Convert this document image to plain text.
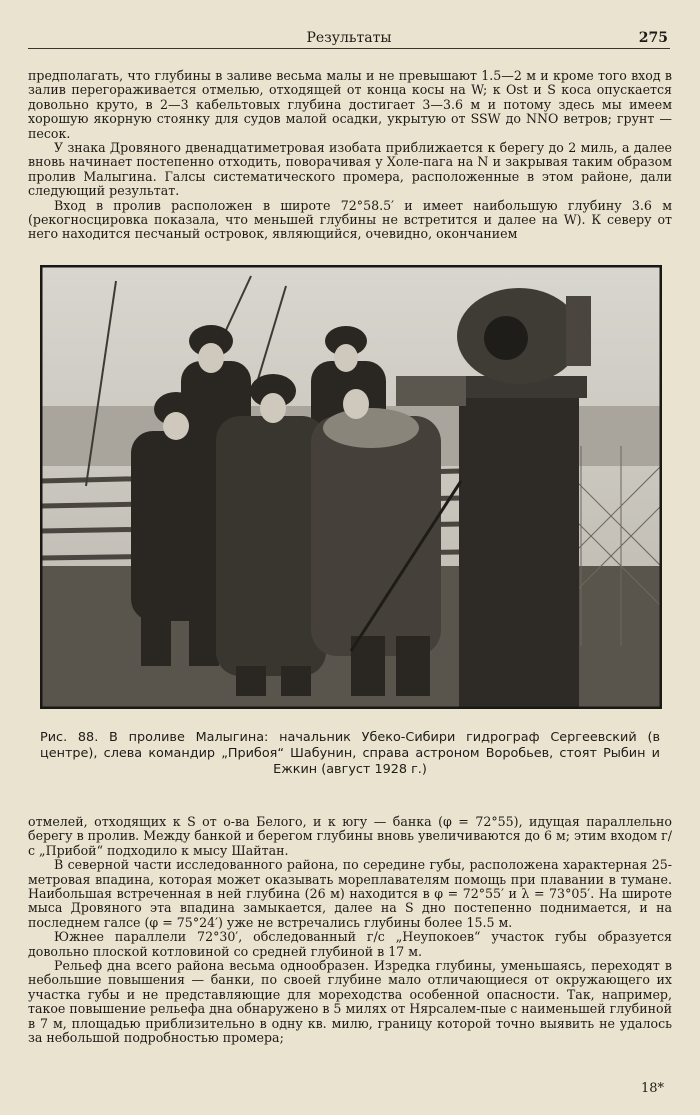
Результаты	275

предполагать, что глубины в заливе весьма малы и не превышают 1.5—2 м и кроме того вход в залив перегораживается отмелью, отходящей от конца косы на W; к Ost и S коса опускается довольно круто, в 2—3 кабельтовых глубина достигает 3—3.6 м и потому здесь мы имеем хорошую якорную стоянку для судов малой осадки, укрытую от SSW до NNO ветров; грунт — песок.

У знака Дровяного двенадцатиметровая изобата приближается к берегу до 2 миль, а далее вновь начинает постепенно отходить, поворачивая у Холе-пага на N и закрывая таким образом пролив Малыгина. Галсы систематического промера, расположенные в этом районе, дали следующий результат.

Вход в пролив расположен в широте 72°58.5′ и имеет наибольшую глубину 3.6 м (рекогносцировка показала, что меньшей глубины не встретится и далее на W). К северу от него находится песчаный островок, являющийся, очевидно, окончанием

Рис. 88. В проливе Малыгина: начальник Убеко-Сибири гидрограф Сергеевский (в центре), слева командир „Прибоя“ Шабунин, справа астроном Воробьев, стоят Рыбин и Ежкин (август 1928 г.)

отмелей, отходящих к S от о-ва Белого, и к югу — банка (φ = 72°55), идущая параллельно берегу в пролив. Между банкой и берегом глубины вновь увеличиваются до 6 м; этим входом г/с „Прибой“ подходило к мысу Шайтан.

В северной части исследованного района, по середине губы, расположена характерная 25-метровая впадина, которая может оказывать мореплавателям помощь при плавании в тумане. Наибольшая встреченная в ней глубина (26 м) находится в φ = 72°55′ и λ = 73°05′. На широте мыса Дровяного эта впадина замыкается, далее на S дно постепенно поднимается, и на последнем галсе (φ = 75°24′) уже не встречались глубины более 15.5 м.

Южнее параллели 72°30′, обследованный г/с „Неупокоев“ участок губы образуется довольно плоской котловиной со средней глубиной в 17 м.

Рельеф дна всего района весьма однообразен. Изредка глубины, уменьшаясь, переходят в небольшие повышения — банки, по своей глубине мало отличающиеся от окружающего их участка губы и не представляющие для мореходства особенной опасности. Так, например, такое повышение рельефа дна обнаружено в 5 милях от Нярсалем-пые с наименьшей глубиной в 7 м, площадью приблизительно в одну кв. милю, границу которой точно выявить не удалось за небольшой подробностью промера;

18*
